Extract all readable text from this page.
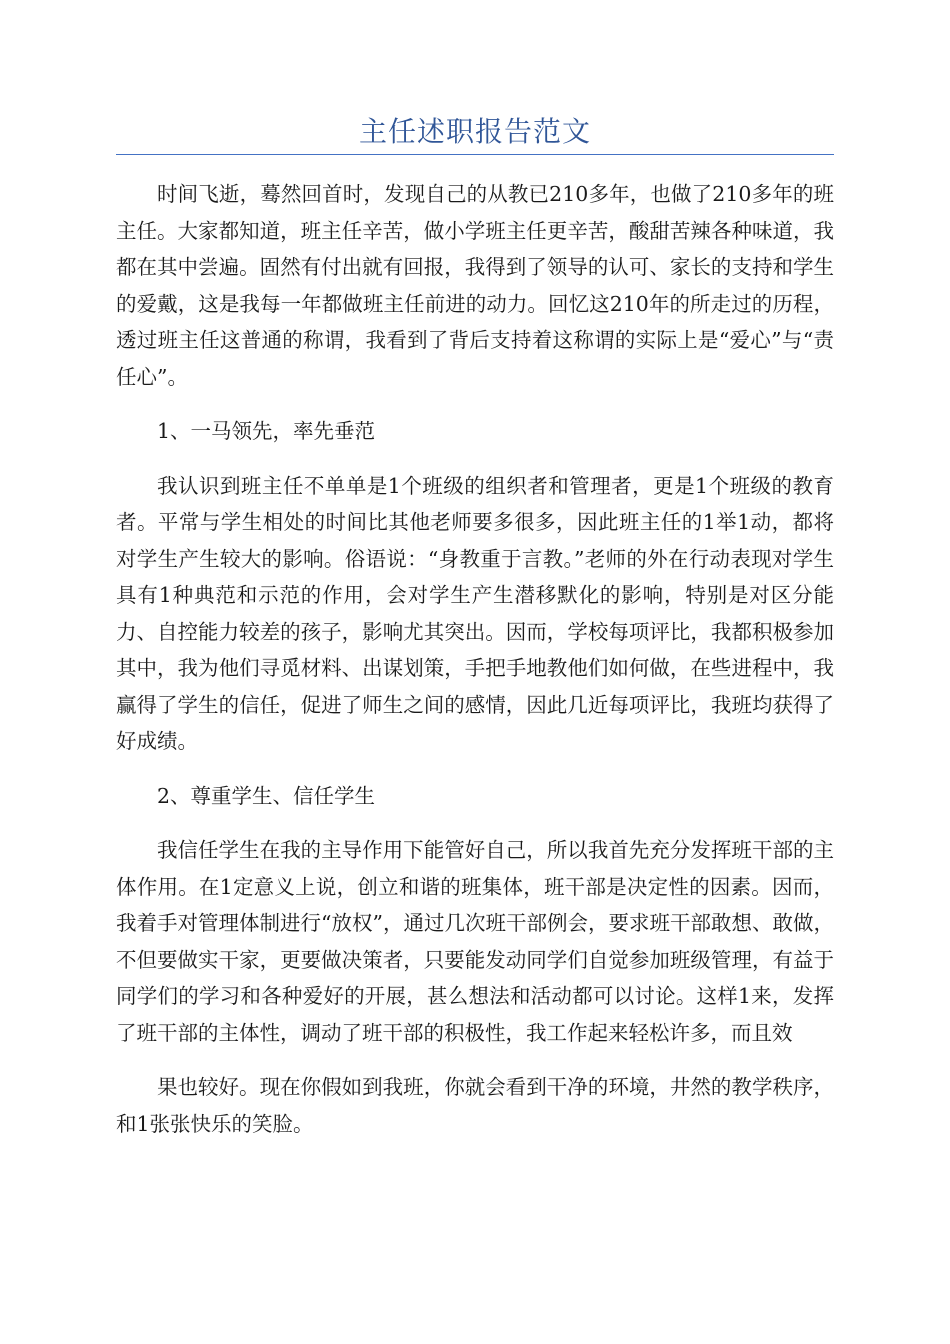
主任述职报告范文

时间飞逝，蓦然回首时，发现自己的从教已210多年，也做了210多年的班主任。大家都知道，班主任辛苦，做小学班主任更辛苦，酸甜苦辣各种味道，我都在其中尝遍。固然有付出就有回报，我得到了领导的认可、家长的支持和学生的爱戴，这是我每一年都做班主任前进的动力。回忆这210年的所走过的历程，透过班主任这普通的称谓，我看到了背后支持着这称谓的实际上是“爱心”与“责任心”。

1、一马领先，率先垂范

我认识到班主任不单单是1个班级的组织者和管理者，更是1个班级的教育者。平常与学生相处的时间比其他老师要多很多，因此班主任的1举1动，都将对学生产生较大的影响。俗语说：“身教重于言教。”老师的外在行动表现对学生具有1种典范和示范的作用，会对学生产生潜移默化的影响，特别是对区分能力、自控能力较差的孩子，影响尤其突出。因而，学校每项评比，我都积极参加其中，我为他们寻觅材料、出谋划策，手把手地教他们如何做，在些进程中，我赢得了学生的信任，促进了师生之间的感情，因此几近每项评比，我班均获得了好成绩。

2、尊重学生、信任学生

我信任学生在我的主导作用下能管好自己，所以我首先充分发挥班干部的主体作用。在1定意义上说，创立和谐的班集体，班干部是决定性的因素。因而，我着手对管理体制进行“放权”，通过几次班干部例会，要求班干部敢想、敢做，不但要做实干家，更要做决策者，只要能发动同学们自觉参加班级管理，有益于同学们的学习和各种爱好的开展，甚么想法和活动都可以讨论。这样1来，发挥了班干部的主体性，调动了班干部的积极性，我工作起来轻松许多，而且效

果也较好。现在你假如到我班，你就会看到干净的环境，井然的教学秩序，和1张张快乐的笑脸。
